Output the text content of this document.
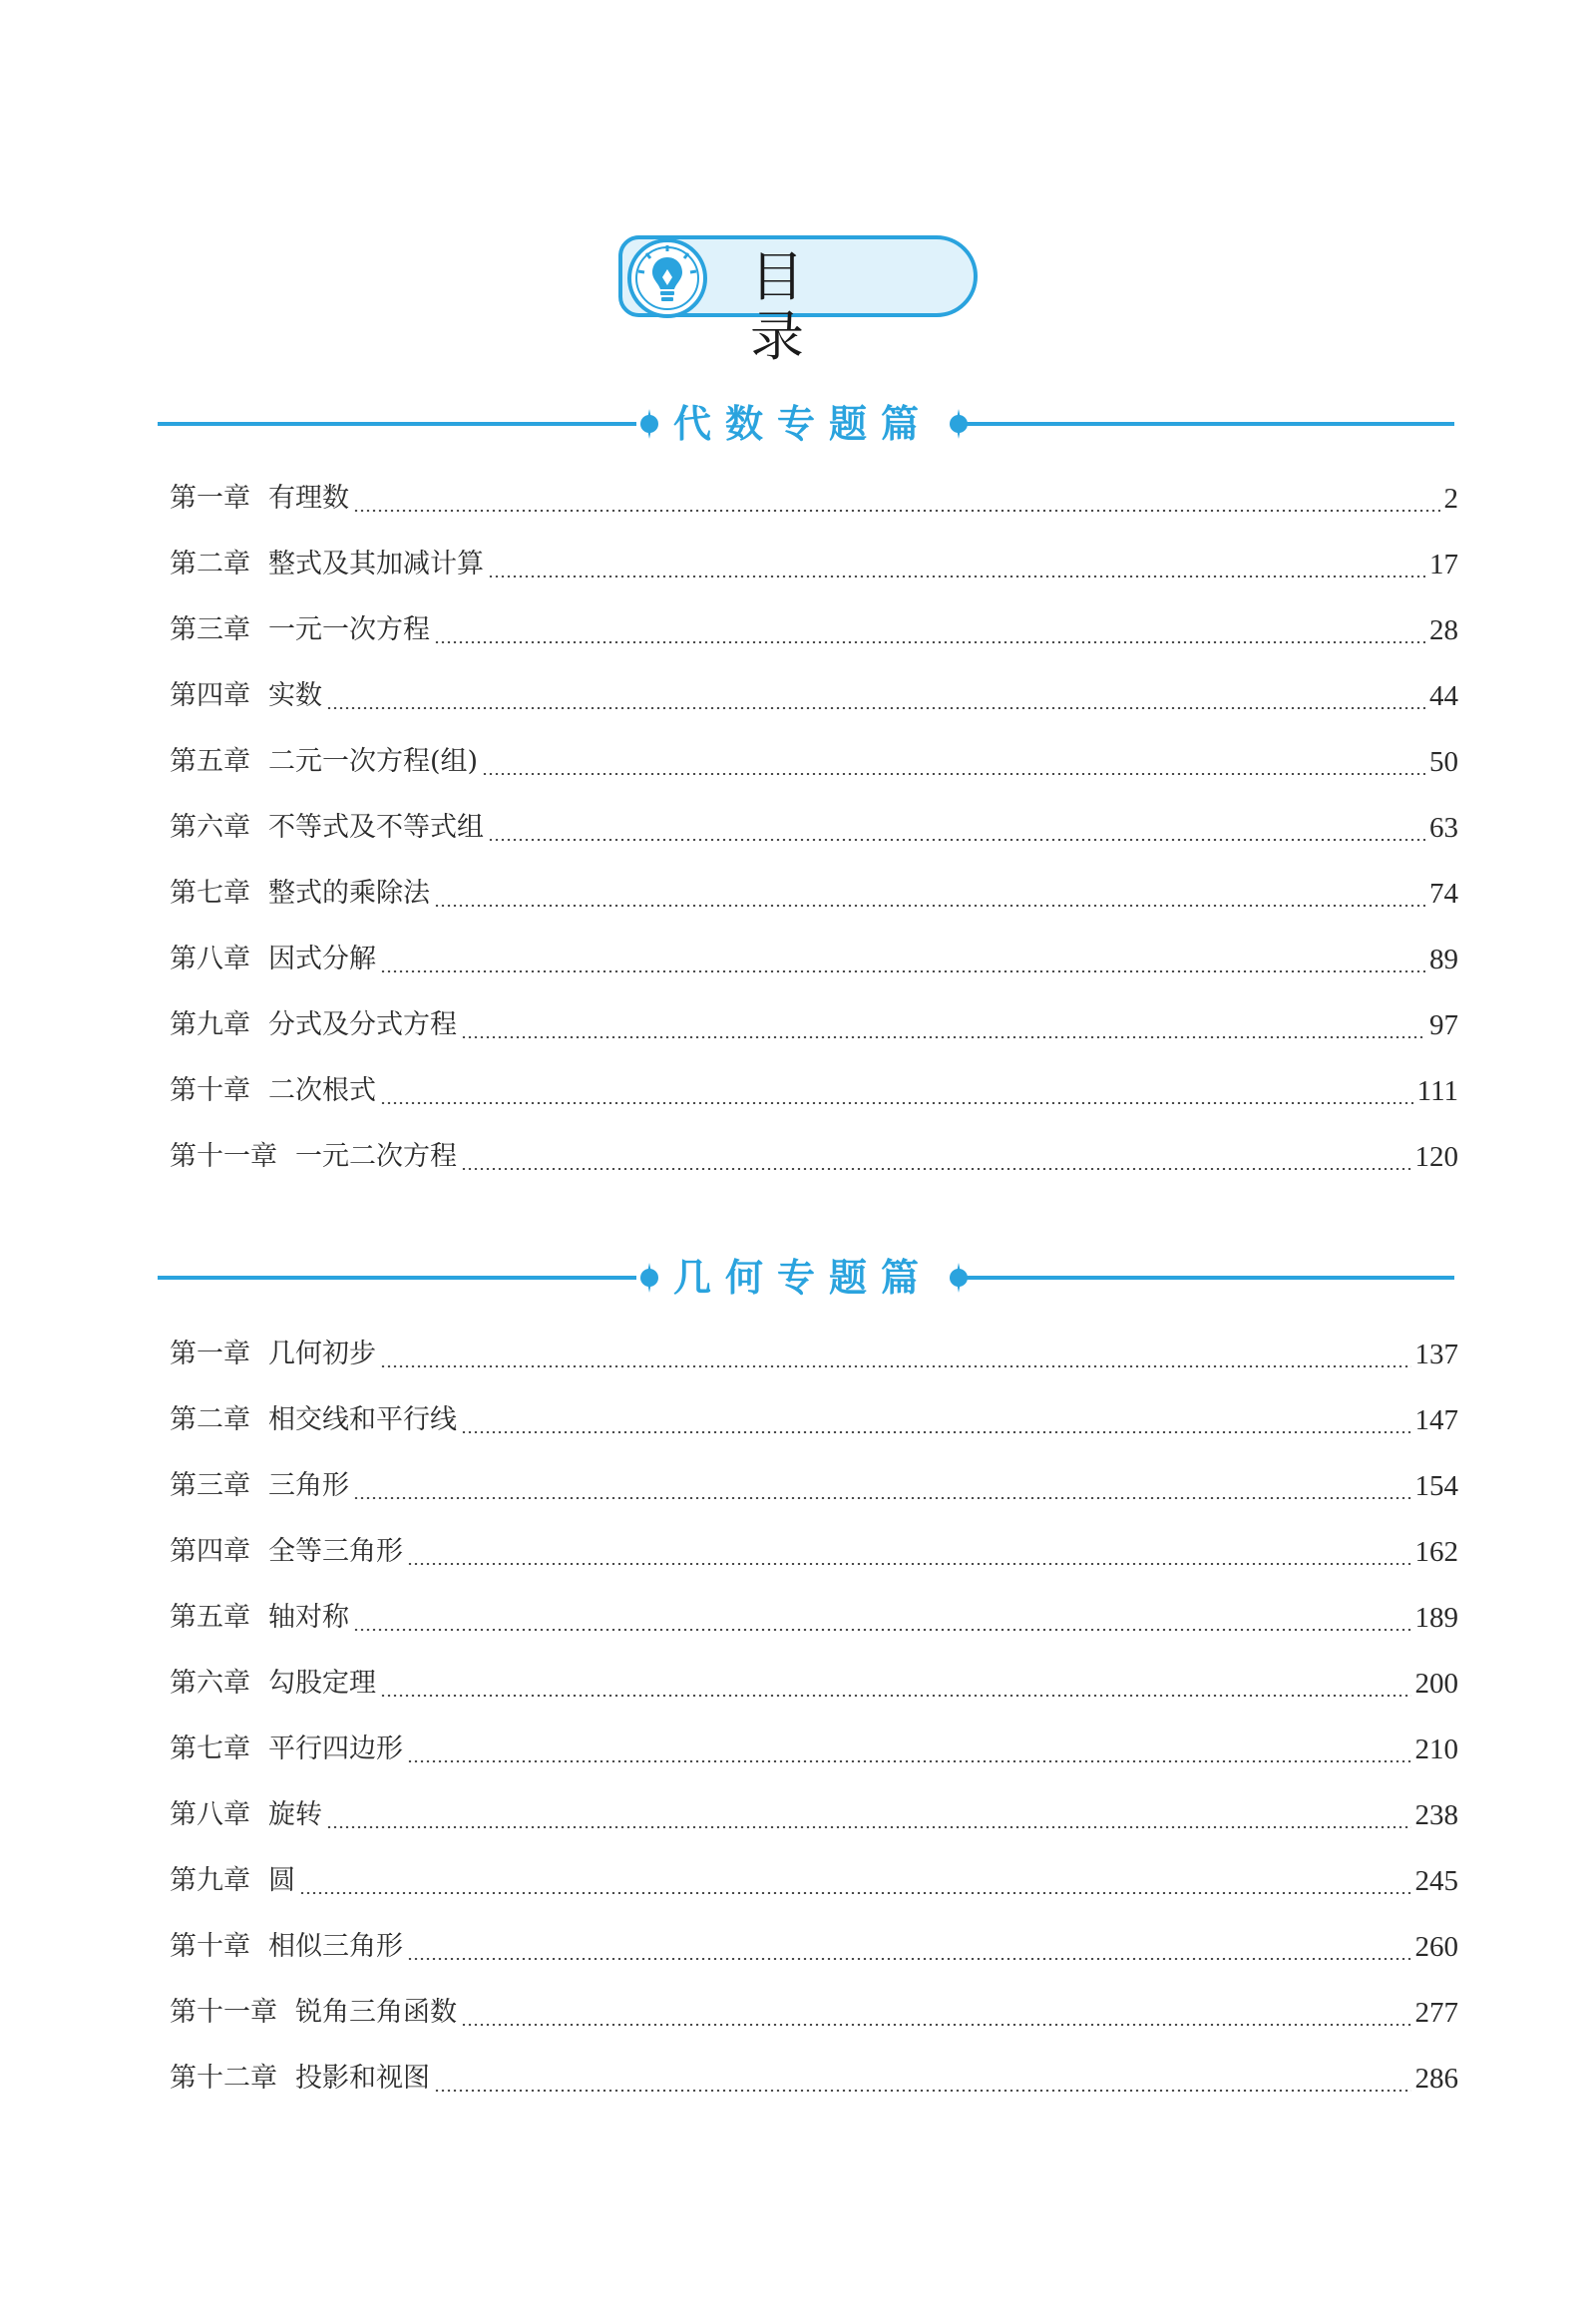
目 录
代数专题篇
第一章 有理数	2
第二章 整式及其加减计算	17
第三章 一元一次方程	28
第四章 实数	44
第五章 二元一次方程(组)	50
第六章 不等式及不等式组	63
第七章 整式的乘除法	74
第八章 因式分解	89
第九章 分式及分式方程	97
第十章 二次根式	111
第十一章 一元二次方程	120
几何专题篇
第一章 几何初步	137
第二章 相交线和平行线	147
第三章 三角形	154
第四章 全等三角形	162
第五章 轴对称	189
第六章 勾股定理	200
第七章 平行四边形	210
第八章 旋转	238
第九章 圆	245
第十章 相似三角形	260
第十一章 锐角三角函数	277
第十二章 投影和视图	286
